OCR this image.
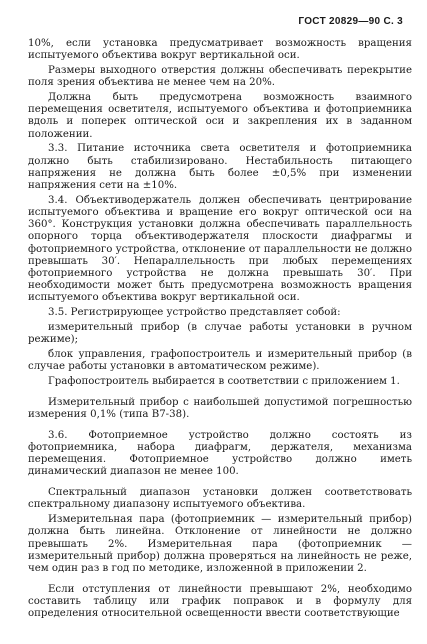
ГОСТ 20829—90 С. 3

10%, если установка предусматривает возможность вращения испытуемого объектива вокруг вертикальной оси.

Размеры выходного отверстия должны обеспечивать перекрытие поля зрения объектива не менее чем на 20%.

Должна быть предусмотрена возможность взаимного перемещения осветителя, испытуемого объектива и фотоприемника вдоль и поперек оптической оси и закрепления их в заданном положении.

3.3. Питание источника света осветителя и фотоприемника должно быть стабилизировано. Нестабильность питающего напряжения не должна быть более ±0,5% при изменении напряжения сети на ±10%.

3.4. Объективодержатель должен обеспечивать центрирование испытуемого объектива и вращение его вокруг оптической оси на 360°. Конструкция установки должна обеспечивать параллельность опорного торца объективодержателя плоскости диафрагмы и фотоприемного устройства, отклонение от параллельности не должно превышать 30′. Непараллельность при любых перемещениях фотоприемного устройства не должна превышать 30′. При необходимости может быть предусмотрена возможность вращения испытуемого объектива вокруг вертикальной оси.

3.5. Регистрирующее устройство представляет собой:

измерительный прибор (в случае работы установки в ручном режиме);

блок управления, графопостроитель и измерительный прибор (в случае работы установки в автоматическом режиме).

Графопостроитель выбирается в соответствии с приложением 1.

Измерительный прибор с наибольшей допустимой погрешностью измерения 0,1% (типа В7-38).

3.6. Фотоприемное устройство должно состоять из фотоприемника, набора диафрагм, держателя, механизма перемещения. Фотоприемное устройство должно иметь динамический диапазон не менее 100.

Спектральный диапазон установки должен соответствовать спектральному диапазону испытуемого объектива.

Измерительная пара (фотоприемник — измерительный прибор) должна быть линейна. Отклонение от линейности не должно превышать 2%. Измерительная пара (фотоприемник — измерительный прибор) должна проверяться на линейность не реже, чем один раз в год по методике, изложенной в приложении 2.

Если отступления от линейности превышают 2%, необходимо составить таблицу или график поправок и в формулу для определения относительной освещенности ввести соответствующие
